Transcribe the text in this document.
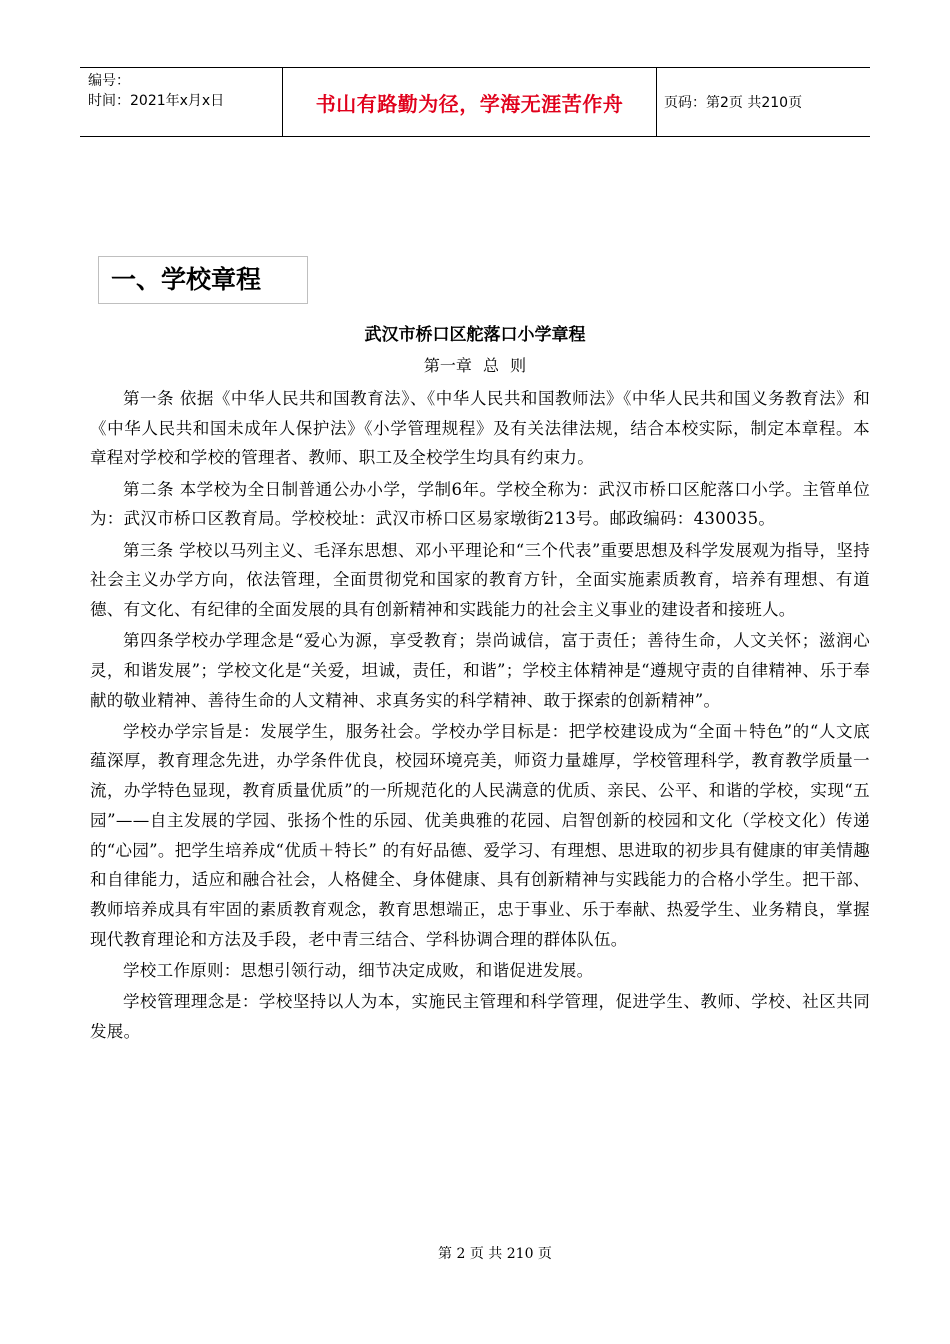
编号：
时间：2021年x月x日	书山有路勤为径，学海无涯苦作舟	页码：第2页 共210页
一、学校章程
武汉市桥口区舵落口小学章程
第一章 总 则

第一条 依据《中华人民共和国教育法》、《中华人民共和国教师法》《中华人民共和国义务教育法》和《中华人民共和国未成年人保护法》《小学管理规程》及有关法律法规，结合本校实际，制定本章程。本章程对学校和学校的管理者、教师、职工及全校学生均具有约束力。

第二条 本学校为全日制普通公办小学，学制6年。学校全称为：武汉市桥口区舵落口小学。主管单位为：武汉市桥口区教育局。学校校址：武汉市桥口区易家墩街213号。邮政编码：430035。

第三条 学校以马列主义、毛泽东思想、邓小平理论和“三个代表”重要思想及科学发展观为指导，坚持社会主义办学方向，依法管理，全面贯彻党和国家的教育方针，全面实施素质教育，培养有理想、有道德、有文化、有纪律的全面发展的具有创新精神和实践能力的社会主义事业的建设者和接班人。

第四条学校办学理念是“爱心为源，享受教育；崇尚诚信，富于责任；善待生命，人文关怀；滋润心灵，和谐发展”；学校文化是“关爱，坦诚，责任，和谐”；学校主体精神是“遵规守责的自律精神、乐于奉献的敬业精神、善待生命的人文精神、求真务实的科学精神、敢于探索的创新精神”。

学校办学宗旨是：发展学生，服务社会。学校办学目标是：把学校建设成为“全面＋特色”的“人文底蕴深厚，教育理念先进，办学条件优良，校园环境亮美，师资力量雄厚，学校管理科学，教育教学质量一流，办学特色显现，教育质量优质”的一所规范化的人民满意的优质、亲民、公平、和谐的学校，实现“五园”——自主发展的学园、张扬个性的乐园、优美典雅的花园、启智创新的校园和文化（学校文化）传递的“心园”。把学生培养成“优质＋特长” 的有好品德、爱学习、有理想、思进取的初步具有健康的审美情趣和自律能力，适应和融合社会，人格健全、身体健康、具有创新精神与实践能力的合格小学生。把干部、教师培养成具有牢固的素质教育观念，教育思想端正，忠于事业、乐于奉献、热爱学生、业务精良，掌握现代教育理论和方法及手段，老中青三结合、学科协调合理的群体队伍。

学校工作原则：思想引领行动，细节决定成败，和谐促进发展。

学校管理理念是：学校坚持以人为本，实施民主管理和科学管理，促进学生、教师、学校、社区共同发展。

第 2 页 共 210 页
